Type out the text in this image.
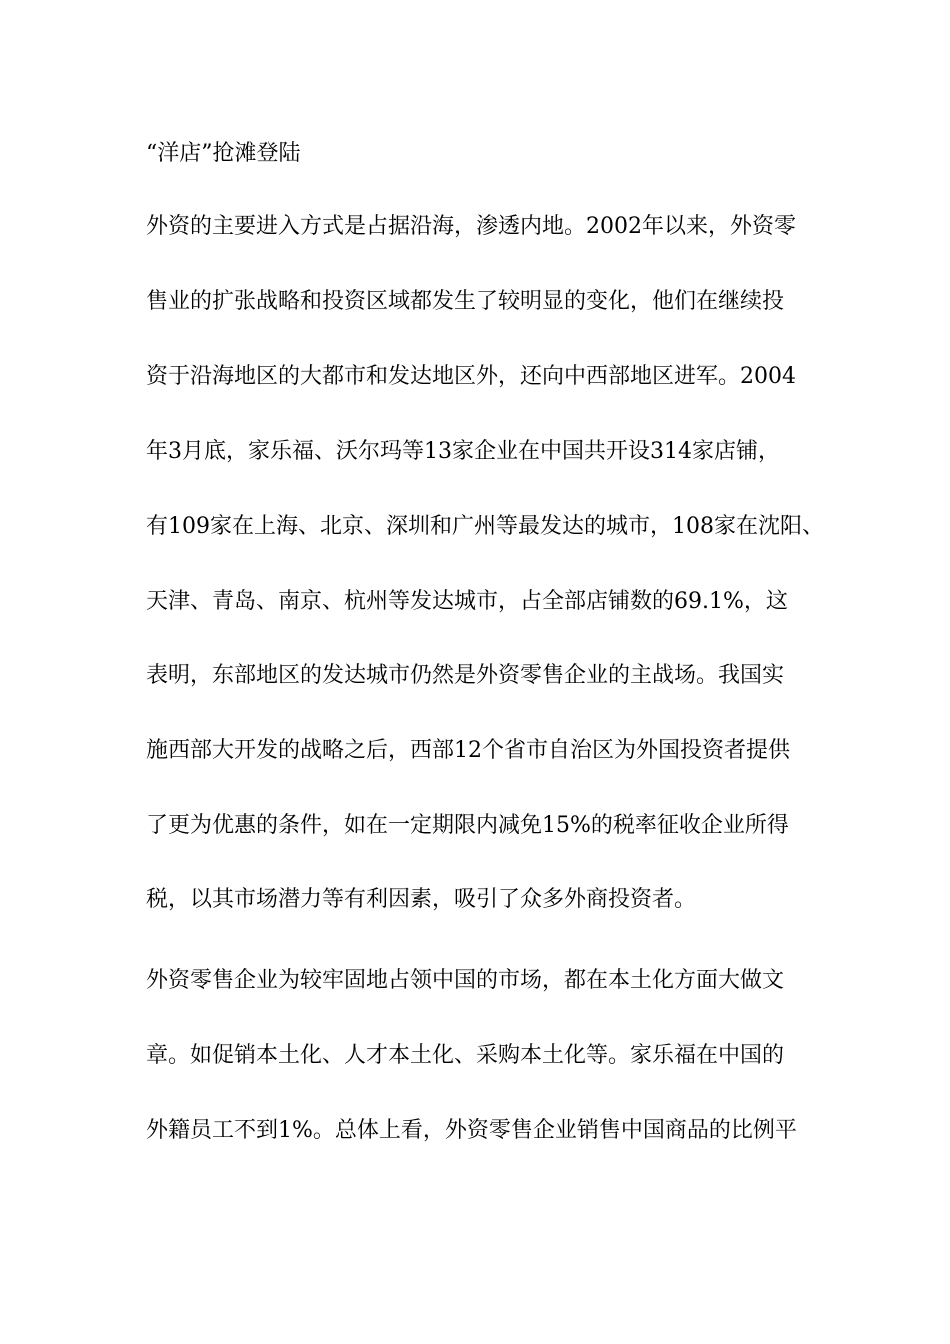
“洋店”抢滩登陆
外资的主要进入方式是占据沿海，渗透内地。2002年以来，外资零
售业的扩张战略和投资区域都发生了较明显的变化，他们在继续投
资于沿海地区的大都市和发达地区外，还向中西部地区进军。2004
年3月底，家乐福、沃尔玛等13家企业在中国共开设314家店铺，
有109家在上海、北京、深圳和广州等最发达的城市，108家在沈阳、
天津、青岛、南京、杭州等发达城市，占全部店铺数的69.1%，这
表明，东部地区的发达城市仍然是外资零售企业的主战场。我国实
施西部大开发的战略之后，西部12个省市自治区为外国投资者提供
了更为优惠的条件，如在一定期限内减免15%的税率征收企业所得
税，以其市场潜力等有利因素，吸引了众多外商投资者。
外资零售企业为较牢固地占领中国的市场，都在本土化方面大做文
章。如促销本土化、人才本土化、采购本土化等。家乐福在中国的
外籍员工不到1%。总体上看，外资零售企业销售中国商品的比例平
